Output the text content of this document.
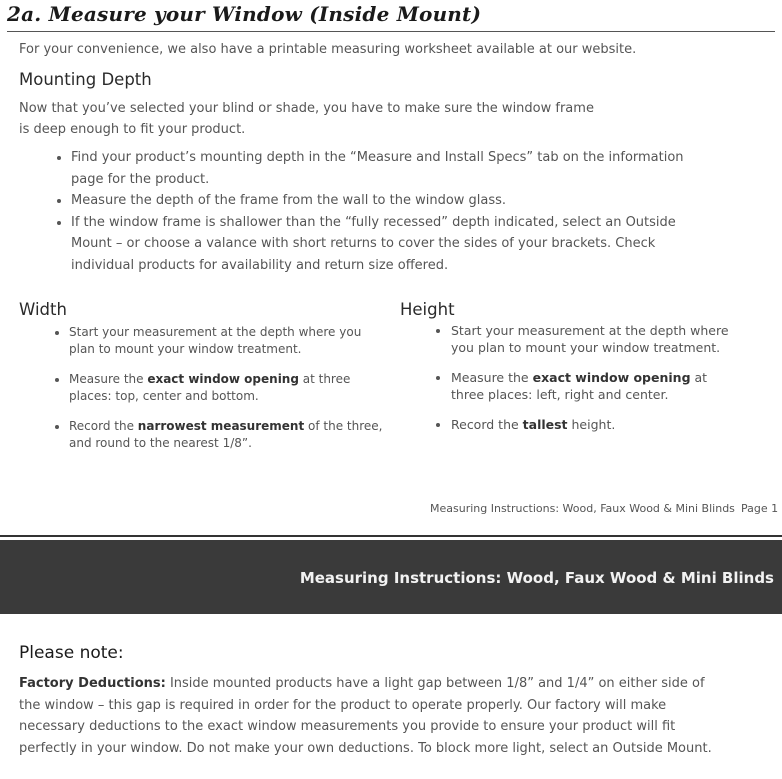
2a. Measure your Window (Inside Mount)
For your convenience, we also have a printable measuring worksheet available at our website.
Mounting Depth
Now that you’ve selected your blind or shade, you have to make sure the window frame
is deep enough to fit your product.
• Find your product’s mounting depth in the “Measure and Install Specs” tab on the information page for the product.
• Measure the depth of the frame from the wall to the window glass.
• If the window frame is shallower than the “fully recessed” depth indicated, select an Outside Mount – or choose a valance with short returns to cover the sides of your brackets. Check individual products for availability and return size offered.
Width
• Start your measurement at the depth where you plan to mount your window treatment.
• Measure the exact window opening at three places: top, center and bottom.
• Record the narrowest measurement of the three, and round to the nearest 1/8”.
Height
• Start your measurement at the depth where you plan to mount your window treatment.
• Measure the exact window opening at three places: left, right and center.
• Record the tallest height.
Measuring Instructions: Wood, Faux Wood & Mini Blinds Page 1
Measuring Instructions: Wood, Faux Wood & Mini Blinds
Please note:
Factory Deductions: Inside mounted products have a light gap between 1/8” and 1/4” on either side of the window – this gap is required in order for the product to operate properly. Our factory will make necessary deductions to the exact window measurements you provide to ensure your product will fit perfectly in your window. Do not make your own deductions. To block more light, select an Outside Mount.
